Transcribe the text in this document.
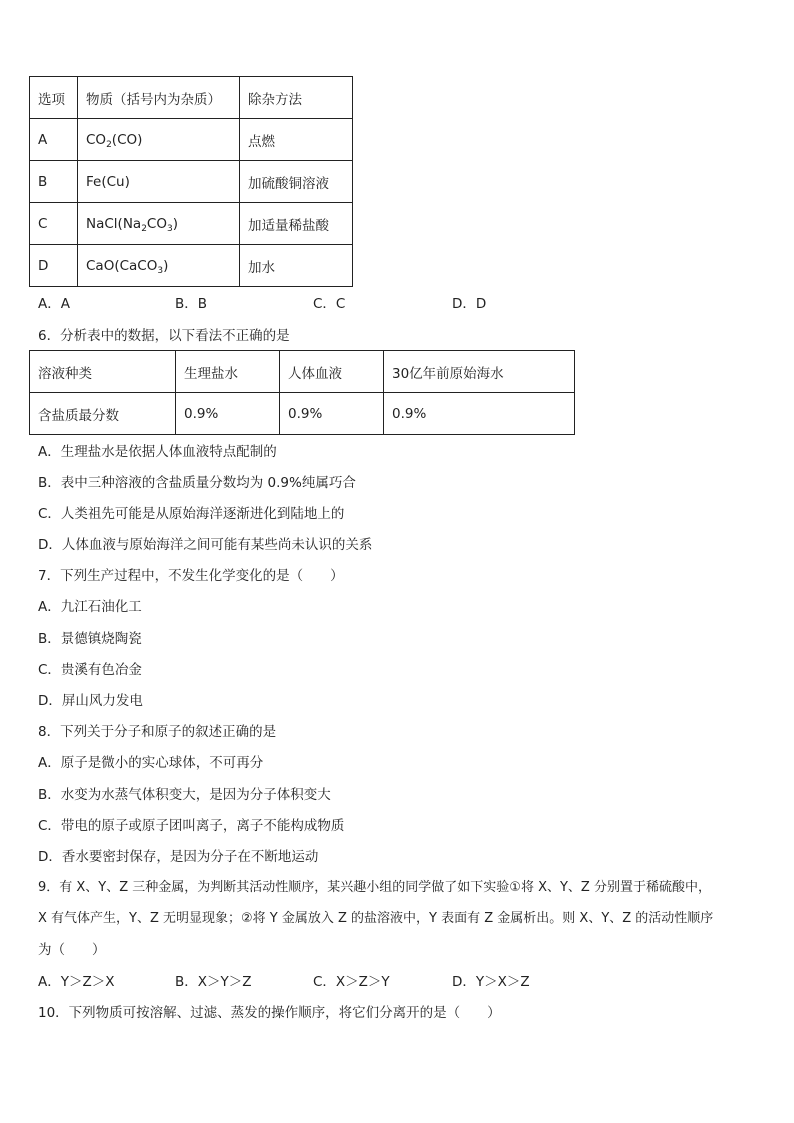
选项	物质（括号内为杂质）	除杂方法
A	$CO_2(CO)$	点燃
B	Fe(Cu)	加硫酸铜溶液
C	$NaCl(Na_2CO_3)$	加适量稀盐酸
D	CaO(CaCO$_3$)	加水
A．A	B．B	C．C	D．D
6．分析表中的数据，以下看法不正确的是
溶液种类	生理盐水	人体血液	30亿年前原始海水
含盐质最分数	0.9%	0.9%	0.9%
A．生理盐水是依据人体血液特点配制的
B．表中三种溶液的含盐质量分数均为 0.9%纯属巧合
C．人类祖先可能是从原始海洋逐渐进化到陆地上的
D．人体血液与原始海洋之间可能有某些尚未认识的关系
7．下列生产过程中，不发生化学变化的是（　　）
A．九江石油化工
B．景德镇烧陶瓷
C．贵溪有色冶金
D．屏山风力发电
8．下列关于分子和原子的叙述正确的是
A．原子是微小的实心球体，不可再分
B．水变为水蒸气体积变大，是因为分子体积变大
C．带电的原子或原子团叫离子，离子不能构成物质
D．香水要密封保存，是因为分子在不断地运动
9．有 X、Y、Z 三种金属，为判断其活动性顺序，某兴趣小组的同学做了如下实验①将 X、Y、Z 分别置于稀硫酸中，
X 有气体产生，Y、Z 无明显现象；②将 Y 金属放入 Z 的盐溶液中，Y 表面有 Z 金属析出。则 X、Y、Z 的活动性顺序
为（　　）
A．Y＞Z＞X	B．X＞Y＞Z	C．X＞Z＞Y	D．Y＞X＞Z
10．下列物质可按溶解、过滤、蒸发的操作顺序，将它们分离开的是（　　）
